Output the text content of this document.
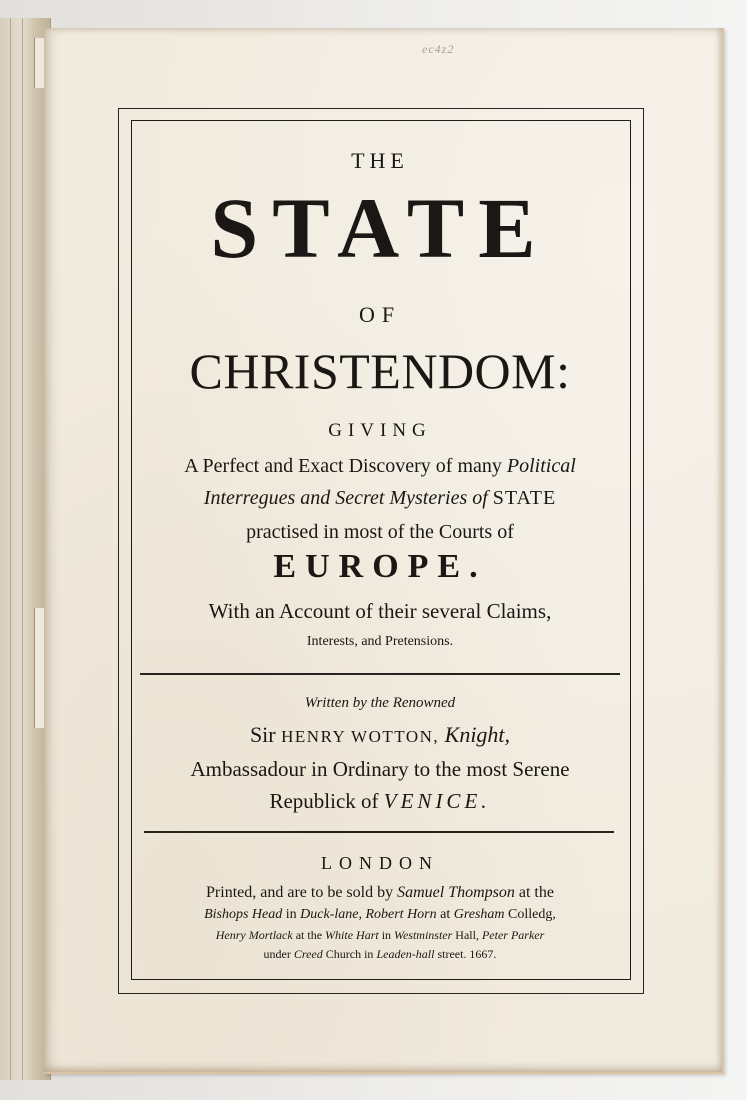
ec4z2
THE
STATE
OF
CHRISTENDOM:
GIVING
A Perfect and Exact Discovery of many Political
Interregues and Secret Mysteries of STATE
practised in most of the Courts of
EUROPE.
With an Account of their several Claims,
Interests, and Pretensions.
Written by the Renowned
Sir HENRY WOTTON, Knight,
Ambassadour in Ordinary to the most Serene
Republick of VENICE.
LONDON
Printed, and are to be sold by Samuel Thompson at the
Bishops Head in Duck-lane, Robert Horn at Gresham Colledg,
Henry Mortlack at the White Hart in Westminster Hall, Peter Parker
under Creed Church in Leaden-hall street. 1667.
